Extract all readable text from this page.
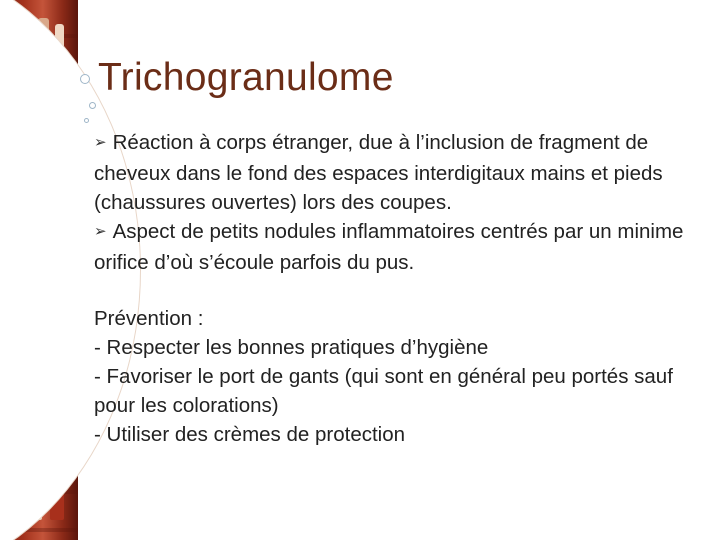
Trichogranulome

➢ Réaction à corps étranger, due à l’inclusion de fragment de cheveux dans le fond des espaces interdigitaux mains et pieds (chaussures ouvertes) lors des coupes.

➢ Aspect de petits nodules inflammatoires centrés par un minime orifice d’où s’écoule parfois du pus.

Prévention :

- Respecter les bonnes pratiques d’hygiène

- Favoriser le port de gants (qui sont en général peu portés sauf pour les colorations)

- Utiliser des crèmes de protection
